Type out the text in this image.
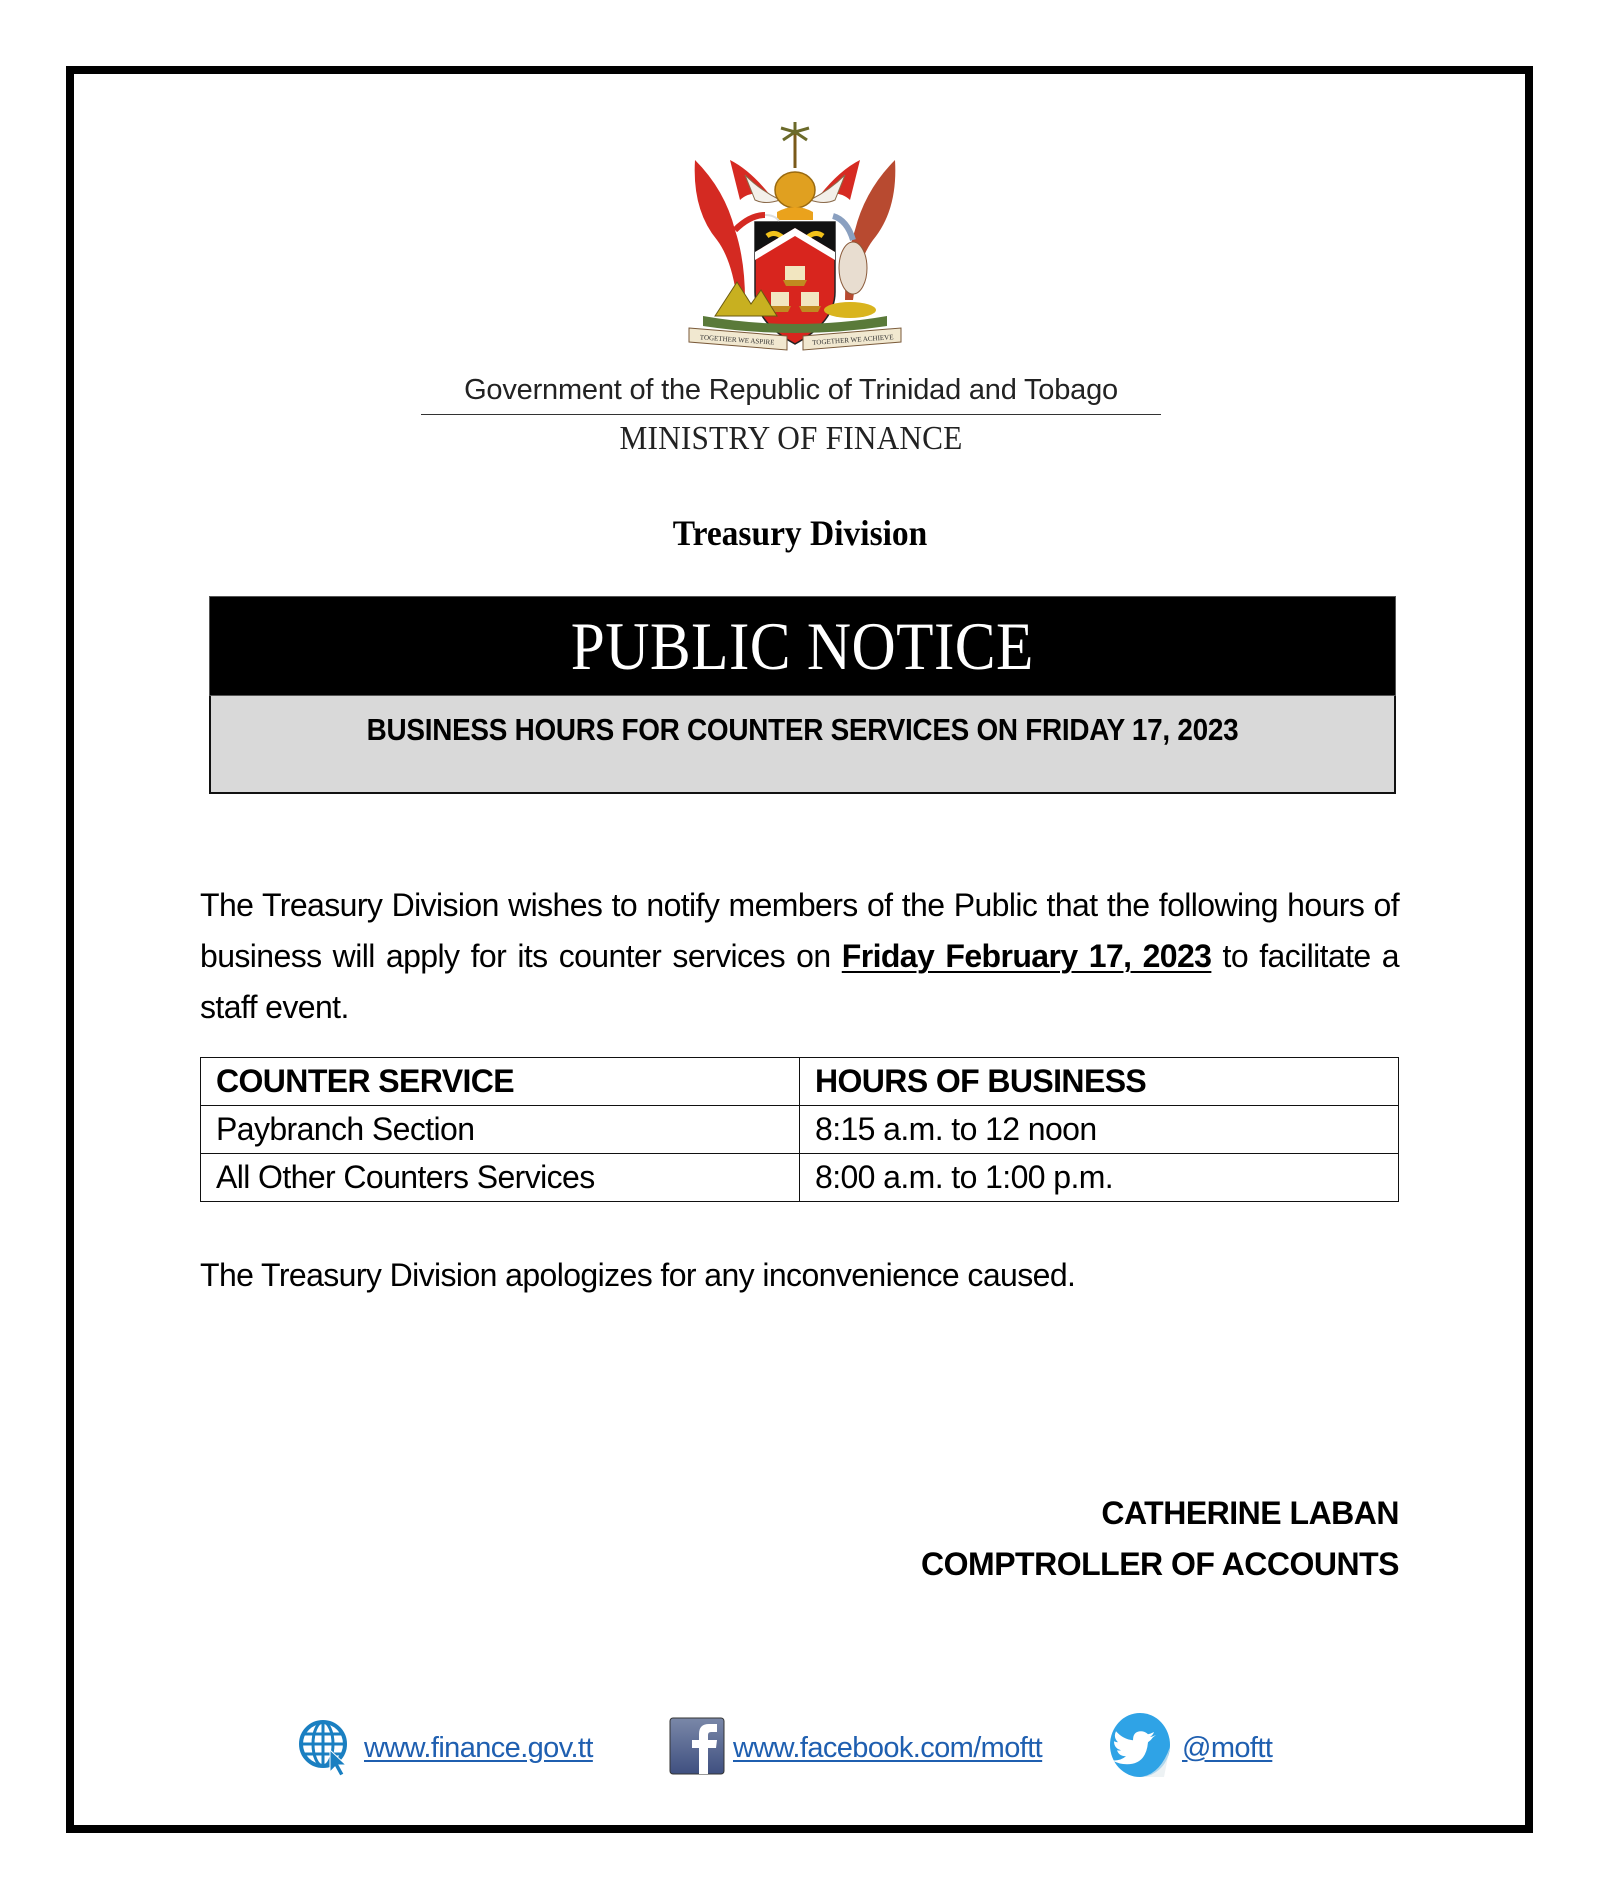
TOGETHER WE ASPIRE	TOGETHER WE ACHIEVE
Government of the Republic of Trinidad and Tobago
MINISTRY OF FINANCE
Treasury Division
PUBLIC NOTICE
BUSINESS HOURS FOR COUNTER SERVICES ON FRIDAY 17, 2023
The Treasury Division wishes to notify members of the Public that the following hours of business will apply for its counter services on Friday February 17, 2023 to facilitate a staff event.
COUNTER SERVICE	HOURS OF BUSINESS
Paybranch Section	8:15 a.m. to 12 noon
All Other Counters Services	8:00 a.m. to 1:00 p.m.
The Treasury Division apologizes for any inconvenience caused.
CATHERINE LABAN
COMPTROLLER OF ACCOUNTS
www.finance.gov.tt	www.facebook.com/moftt	@moftt
